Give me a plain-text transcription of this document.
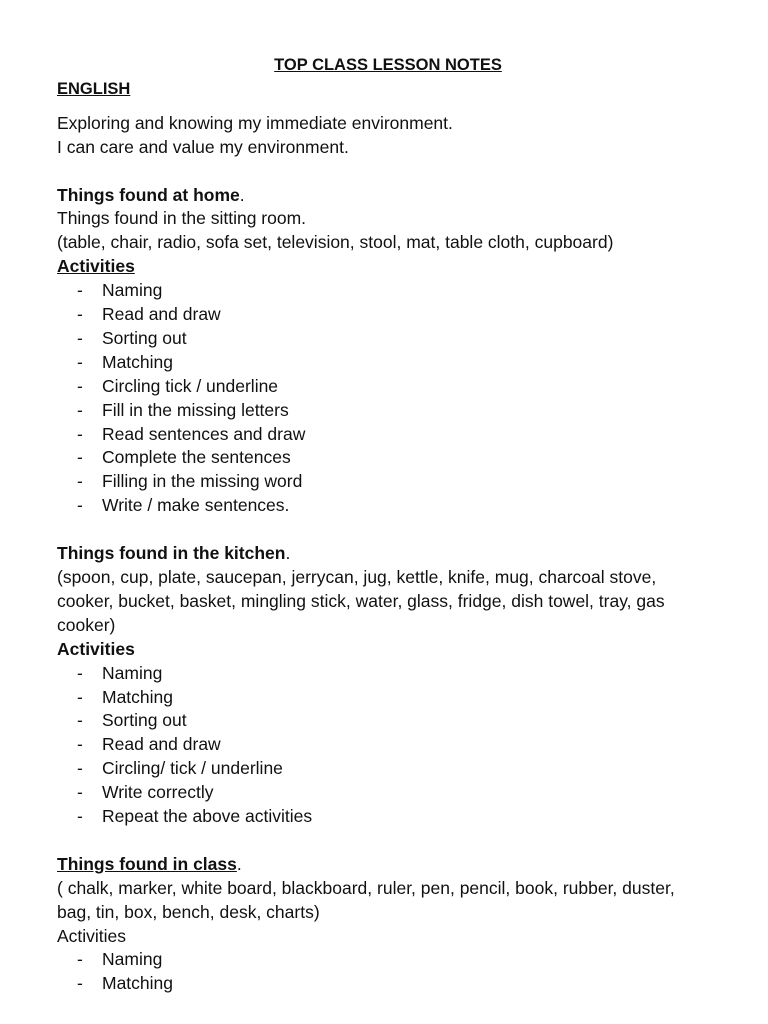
TOP CLASS LESSON NOTES
ENGLISH
Exploring and knowing my immediate environment.
I can care and value my environment.
Things found at home.
Things found in the sitting room.
(table, chair, radio, sofa set, television, stool, mat, table cloth, cupboard)
Activities
- Naming
- Read and draw
- Sorting out
- Matching
- Circling tick / underline
- Fill in the missing letters
- Read sentences and draw
- Complete the sentences
- Filling in the missing word
- Write / make sentences.
Things found in the kitchen.
(spoon, cup, plate, saucepan, jerrycan, jug, kettle, knife, mug, charcoal stove, cooker, bucket, basket, mingling stick, water, glass, fridge, dish towel, tray, gas cooker)
Activities
- Naming
- Matching
- Sorting out
- Read and draw
- Circling/ tick / underline
- Write correctly
- Repeat the above activities
Things found in class.
( chalk, marker, white board, blackboard, ruler, pen, pencil, book, rubber, duster, bag, tin, box, bench, desk, charts)
Activities
- Naming
- Matching
